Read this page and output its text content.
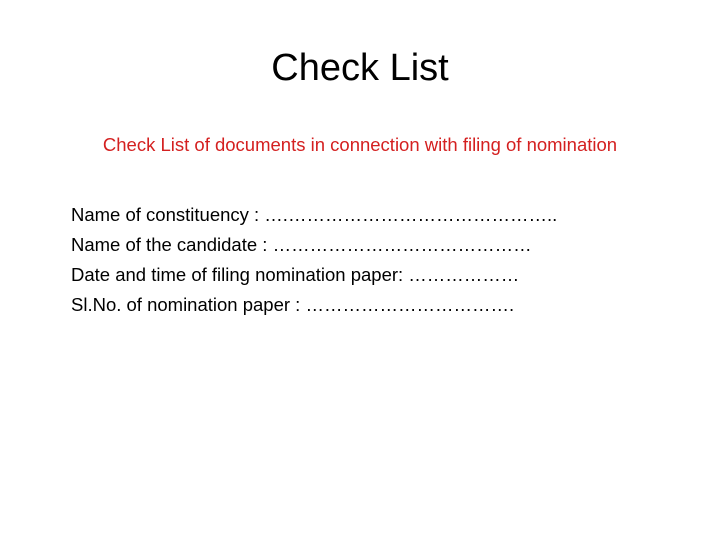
Check List

Check List of documents in connection with filing of nomination

Name of constituency : ….……………………………………..
Name of the candidate : ……………………………………
Date and time of filing nomination paper: ………………
Sl.No. of nomination paper : …………………………….
